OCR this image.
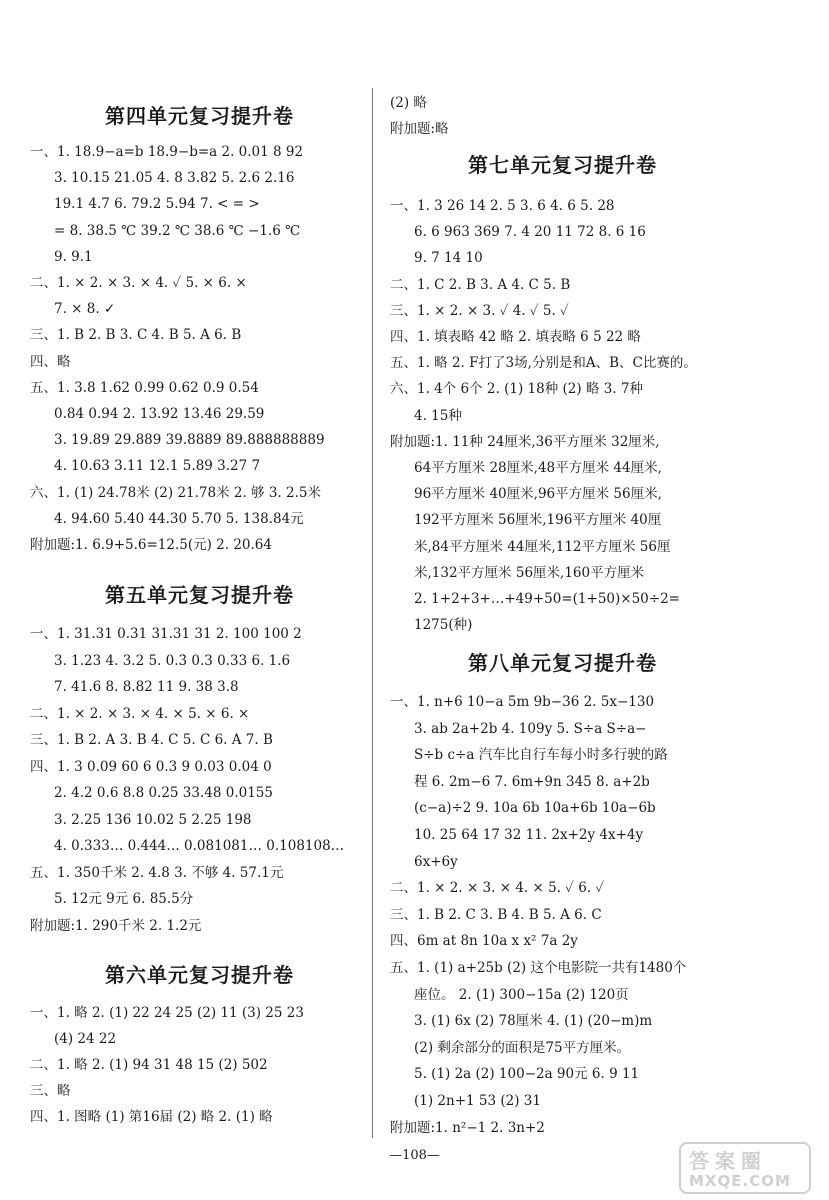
第四单元复习提升卷
一、1. 18.9−a=b 18.9−b=a 2. 0.01 8 92
3. 10.15 21.05 4. 8 3.82 5. 2.6 2.16
19.1 4.7 6. 79.2 5.94 7. < = >
= 8. 38.5 ℃ 39.2 ℃ 38.6 ℃ −1.6 ℃
9. 9.1
二、1. × 2. × 3. × 4. ✓ 5. × 6. ×
7. × 8. ✓
三、1. B 2. B 3. C 4. B 5. A 6. B
四、略
五、1. 3.8 1.62 0.99 0.62 0.9 0.54
0.84 0.94 2. 13.92 13.46 29.59
3. 19.89 29.889 39.8889 89.888888889
4. 10.63 3.11 12.1 5.89 3.27 7
六、1. (1) 24.78米 (2) 21.78米 2. 够 3. 2.5米
4. 94.60 5.40 44.30 5.70 5. 138.84元
附加题:1. 6.9+5.6=12.5(元) 2. 20.64
第五单元复习提升卷
一、1. 31.31 0.31 31.31 31 2. 100 100 2
3. 1.23 4. 3.2 5. 0.3̇ 0.3 0.33 6. 1.6
7. 41.6 8. 8.82 11 9. 38 3.8
二、1. × 2. × 3. × 4. × 5. × 6. ×
三、1. B 2. A 3. B 4. C 5. C 6. A 7. B
四、1. 3 0.09 60 6 0.3 9 0.03 0.04 0
2. 4.2 0.6 8.8 0.25 33.48 0.0155
3. 2.25 136 10.02 5 2.25 198
4. 0.333… 0.444… 0.081081… 0.108108…
五、1. 350千米 2. 4.8 3. 不够 4. 57.1元
5. 12元 9元 6. 85.5分
附加题:1. 290千米 2. 1.2元
第六单元复习提升卷
一、1. 略 2. (1) 22 24 25 (2) 11 (3) 25 23
(4) 24 22
二、1. 略 2. (1) 94 31 48 15 (2) 502
三、略
四、1. 图略 (1) 第16届 (2) 略 2. (1) 略
(2) 略
附加题:略
第七单元复习提升卷
一、1. 3 26 14 2. 5 3. 6 4. 6 5. 28
6. 6 963 369 7. 4 20 11 72 8. 6 16
9. 7 14 10
二、1. C 2. B 3. A 4. C 5. B
三、1. × 2. × 3. ✓ 4. ✓ 5. ✓
四、1. 填表略 42 略 2. 填表略 6 5 22 略
五、1. 略 2. F打了3场,分别是和A、B、C比赛的。
六、1. 4个 6个 2. (1) 18种 (2) 略 3. 7种
4. 15种
附加题:1. 11种 24厘米,36平方厘米 32厘米,
64平方厘米 28厘米,48平方厘米 44厘米,
96平方厘米 40厘米,96平方厘米 56厘米,
192平方厘米 56厘米,196平方厘米 40厘
米,84平方厘米 44厘米,112平方厘米 56厘
米,132平方厘米 56厘米,160平方厘米
2. 1+2+3+…+49+50=(1+50)×50÷2=
1275(种)
第八单元复习提升卷
一、1. n+6 10−a 5m 9b−36 2. 5x−130
3. ab 2a+2b 4. 109y 5. S÷a S÷a−
S÷b c÷a 汽车比自行车每小时多行驶的路
程 6. 2m−6 7. 6m+9n 345 8. a+2b
(c−a)÷2 9. 10a 6b 10a+6b 10a−6b
10. 25 64 17 32 11. 2x+2y 4x+4y
6x+6y
二、1. × 2. × 3. × 4. × 5. ✓ 6. ✓
三、1. B 2. C 3. B 4. B 5. A 6. C
四、6m at 8n 10a x x² 7a 2y
五、1. (1) a+25b (2) 这个电影院一共有1480个
座位。 2. (1) 300−15a (2) 120页
3. (1) 6x (2) 78厘米 4. (1) (20−m)m
(2) 剩余部分的面积是75平方厘米。
5. (1) 2a (2) 100−2a 90元 6. 9 11
(1) 2n+1 53 (2) 31
附加题:1. n²−1 2. 3n+2
—108—	答案圈
MXQE.COM
